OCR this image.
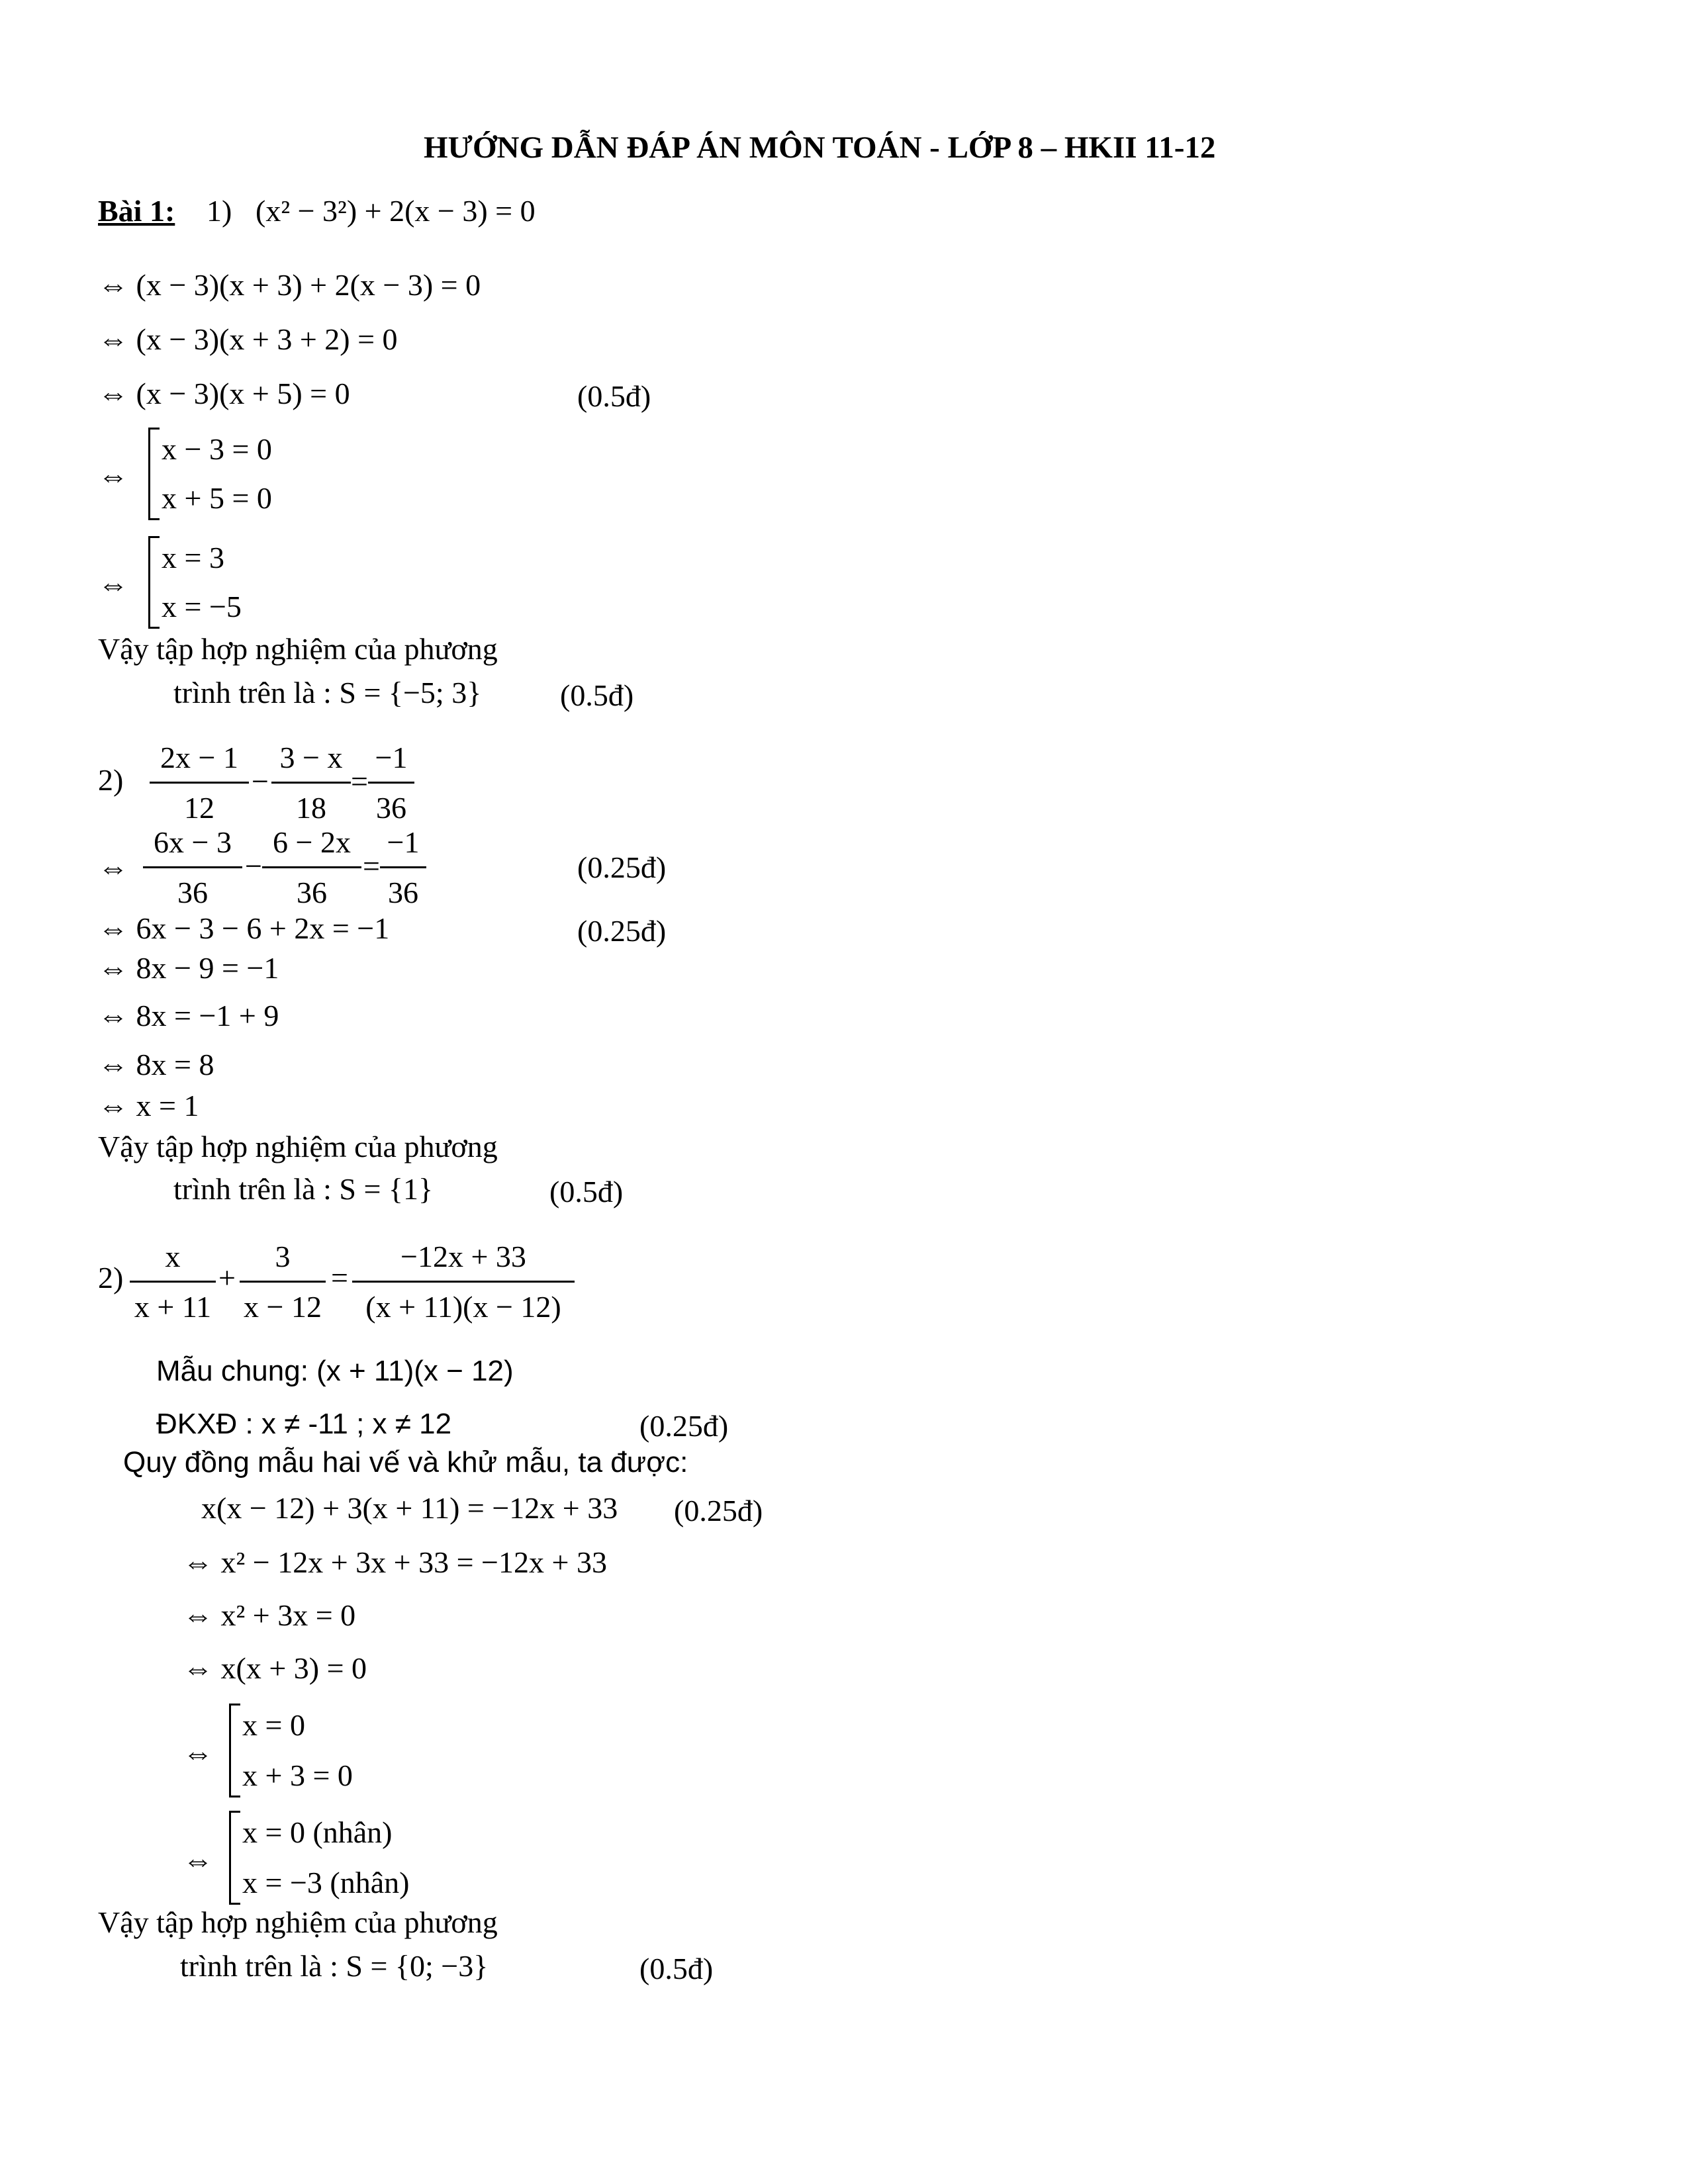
HƯỚNG DẪN ĐÁP ÁN MÔN TOÁN - LỚP 8 – HKII 11-12
Bài 1: 1) (x² − 3²) + 2(x − 3) = 0
⇔ (x − 3)(x + 3) + 2(x − 3) = 0
⇔ (x − 3)(x + 3 + 2) = 0
⇔ (x − 3)(x + 5) = 0	(0.5đ)
⇔
x − 3 = 0
x + 5 = 0
⇔
x = 3
x = −5
Vậy tập hợp nghiệm của phương
trình trên là : S = {−5; 3}	(0.5đ)
2)
2x − 1
12
−
3 − x
18
=
−1
36
⇔
6x − 3
36
−
6 − 2x
36
=
−1
36
(0.25đ)
⇔ 6x − 3 − 6 + 2x = −1	(0.25đ)
⇔ 8x − 9 = −1
⇔ 8x = −1 + 9
⇔ 8x = 8
⇔ x = 1
Vậy tập hợp nghiệm của phương
trình trên là : S = {1}	(0.5đ)
2)
x
x + 11
+
3
x − 12
=
−12x + 33
(x + 11)(x − 12)
Mẫu chung: (x + 11)(x − 12)
ĐKXĐ : x ≠ -11 ; x ≠ 12	(0.25đ)
Quy đồng mẫu hai vế và khử mẫu, ta được:
x(x − 12) + 3(x + 11) = −12x + 33 (0.25đ)
⇔ x² − 12x + 3x + 33 = −12x + 33
⇔ x² + 3x = 0
⇔ x(x + 3) = 0
⇔
x = 0
x + 3 = 0
⇔
x = 0 (nhân)
x = −3 (nhân)
Vậy tập hợp nghiệm của phương
trình trên là : S = {0; −3}	(0.5đ)
